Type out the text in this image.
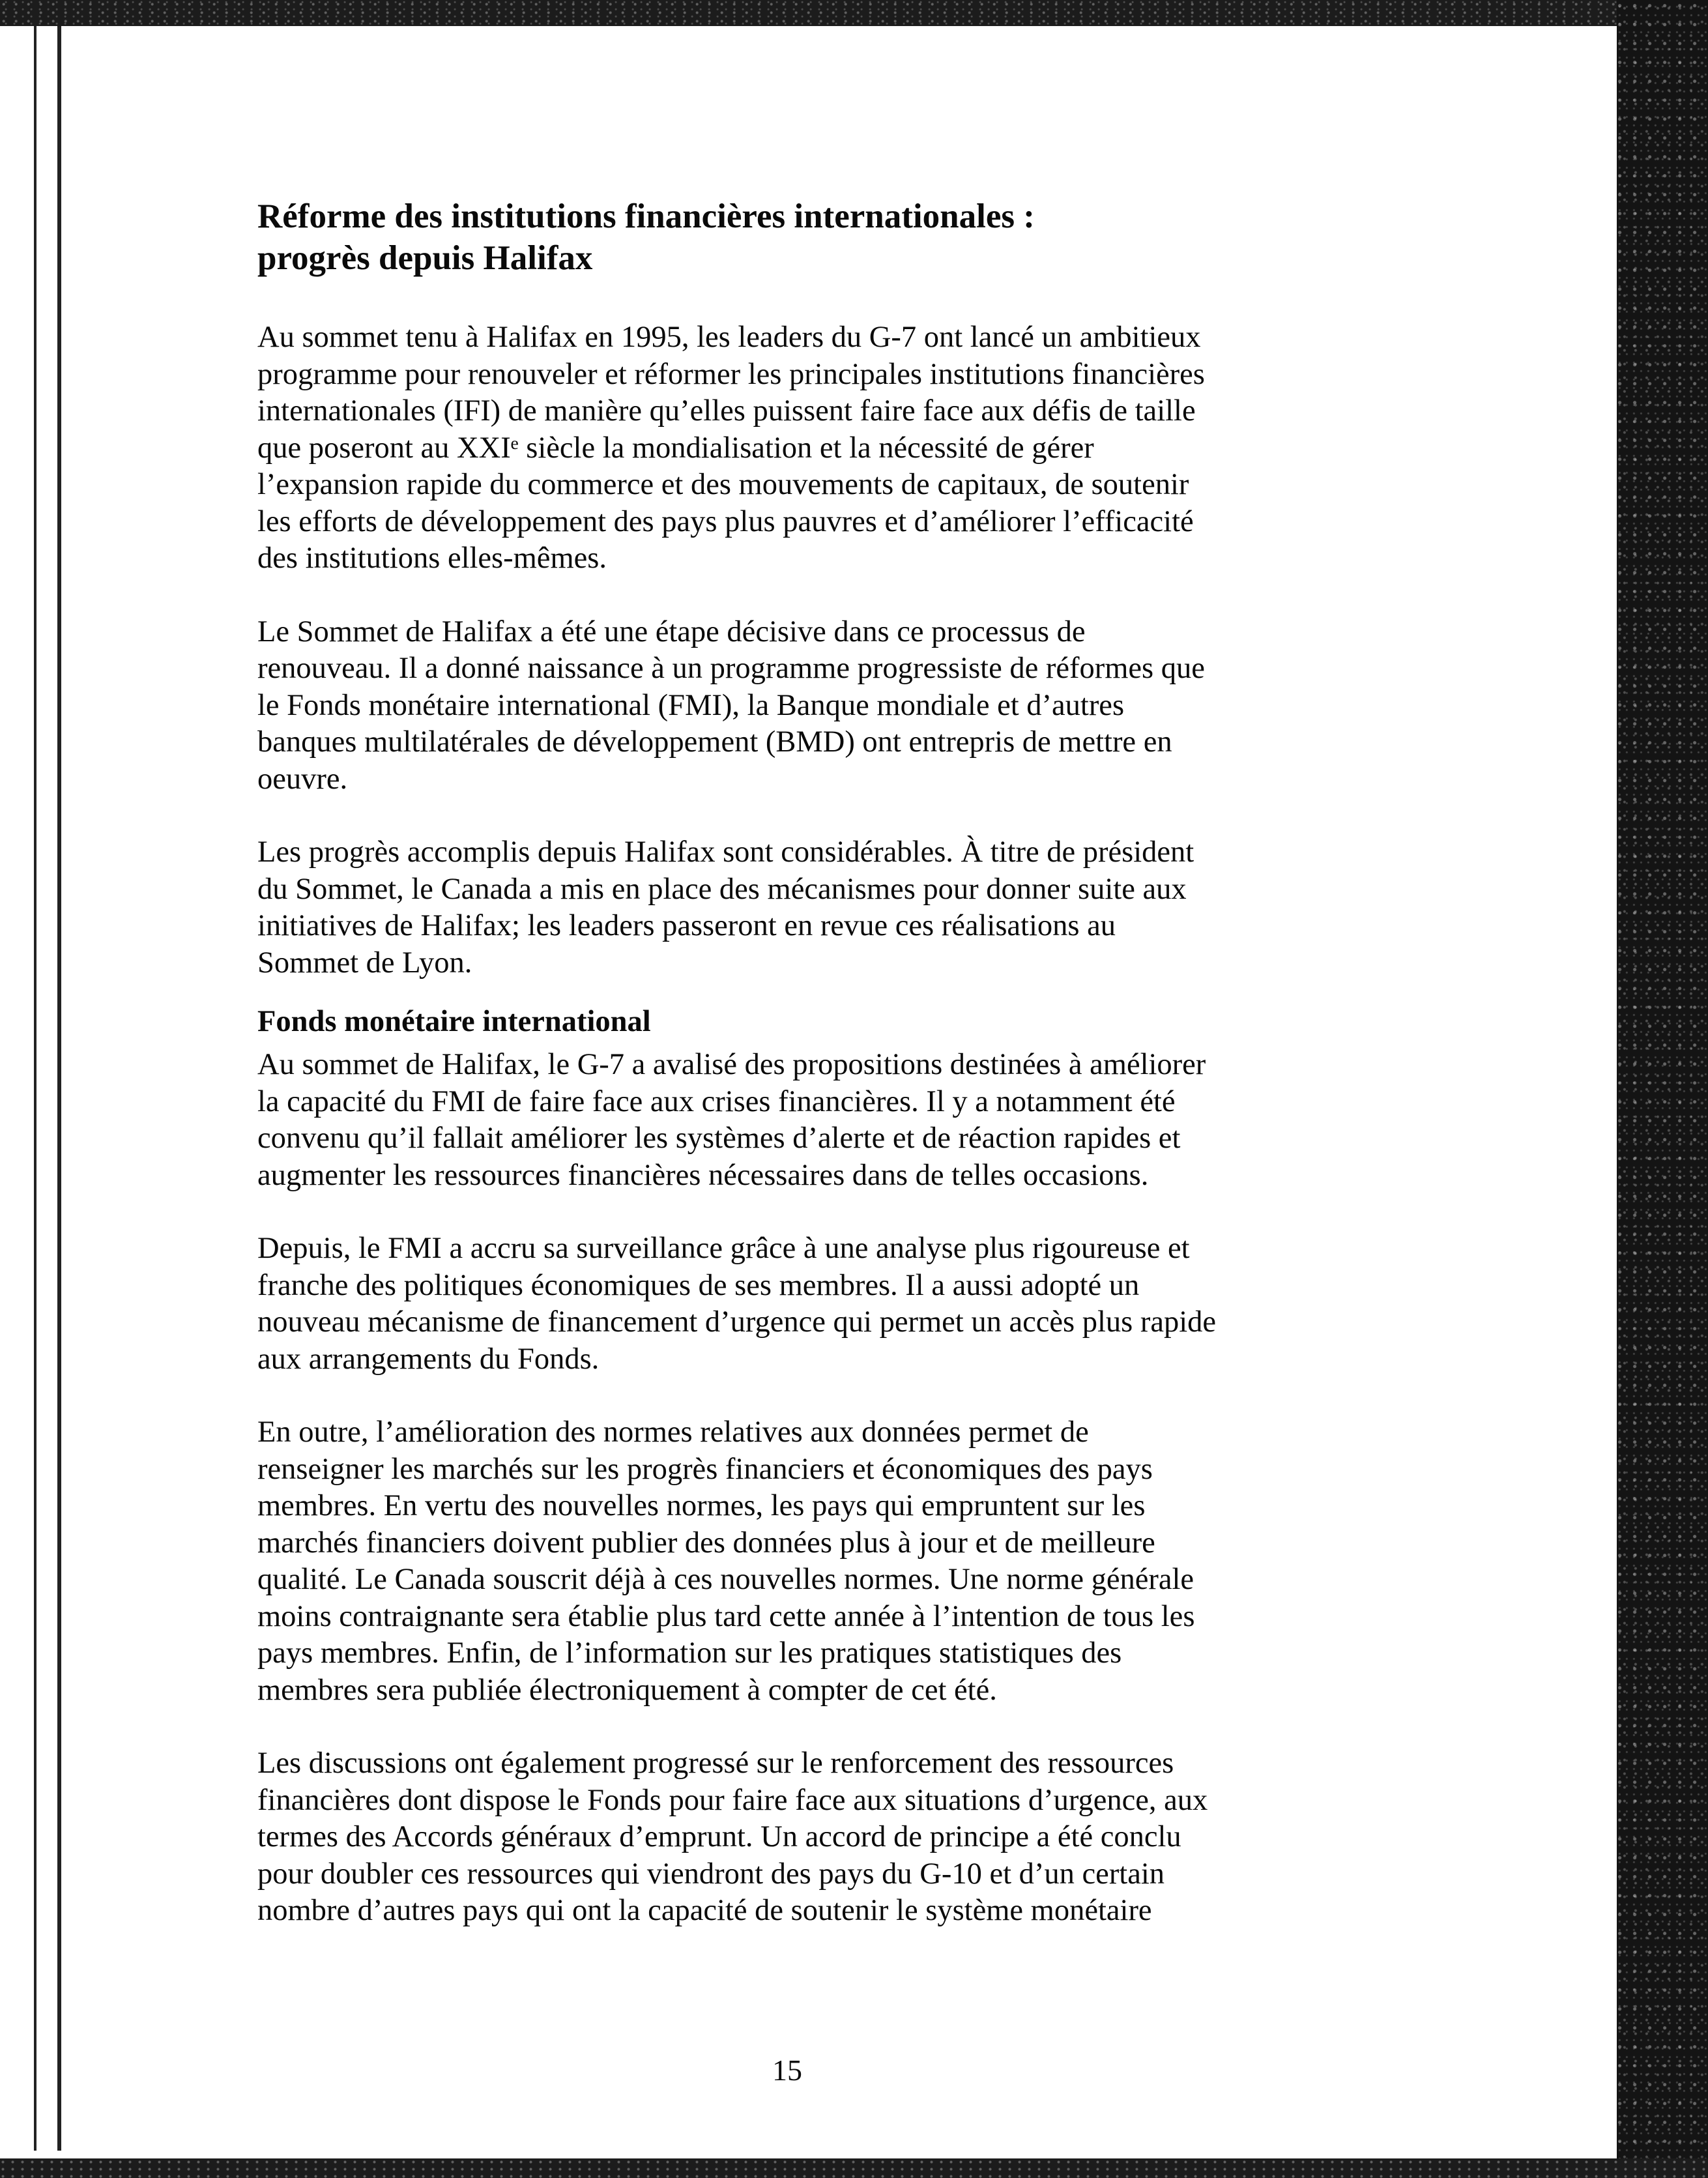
Réforme des institutions financières internationales :
progrès depuis Halifax

Au sommet tenu à Halifax en 1995, les leaders du G-7 ont lancé un ambitieux
programme pour renouveler et réformer les principales institutions financières
internationales (IFI) de manière qu’elles puissent faire face aux défis de taille
que poseront au XXIᵉ siècle la mondialisation et la nécessité de gérer
l’expansion rapide du commerce et des mouvements de capitaux, de soutenir
les efforts de développement des pays plus pauvres et d’améliorer l’efficacité
des institutions elles-mêmes.

Le Sommet de Halifax a été une étape décisive dans ce processus de
renouveau. Il a donné naissance à un programme progressiste de réformes que
le Fonds monétaire international (FMI), la Banque mondiale et d’autres
banques multilatérales de développement (BMD) ont entrepris de mettre en
oeuvre.

Les progrès accomplis depuis Halifax sont considérables. À titre de président
du Sommet, le Canada a mis en place des mécanismes pour donner suite aux
initiatives de Halifax; les leaders passeront en revue ces réalisations au
Sommet de Lyon.

Fonds monétaire international

Au sommet de Halifax, le G-7 a avalisé des propositions destinées à améliorer
la capacité du FMI de faire face aux crises financières. Il y a notamment été
convenu qu’il fallait améliorer les systèmes d’alerte et de réaction rapides et
augmenter les ressources financières nécessaires dans de telles occasions.

Depuis, le FMI a accru sa surveillance grâce à une analyse plus rigoureuse et
franche des politiques économiques de ses membres. Il a aussi adopté un
nouveau mécanisme de financement d’urgence qui permet un accès plus rapide
aux arrangements du Fonds.

En outre, l’amélioration des normes relatives aux données permet de
renseigner les marchés sur les progrès financiers et économiques des pays
membres. En vertu des nouvelles normes, les pays qui empruntent sur les
marchés financiers doivent publier des données plus à jour et de meilleure
qualité. Le Canada souscrit déjà à ces nouvelles normes. Une norme générale
moins contraignante sera établie plus tard cette année à l’intention de tous les
pays membres. Enfin, de l’information sur les pratiques statistiques des
membres sera publiée électroniquement à compter de cet été.

Les discussions ont également progressé sur le renforcement des ressources
financières dont dispose le Fonds pour faire face aux situations d’urgence, aux
termes des Accords généraux d’emprunt. Un accord de principe a été conclu
pour doubler ces ressources qui viendront des pays du G-10 et d’un certain
nombre d’autres pays qui ont la capacité de soutenir le système monétaire

15
